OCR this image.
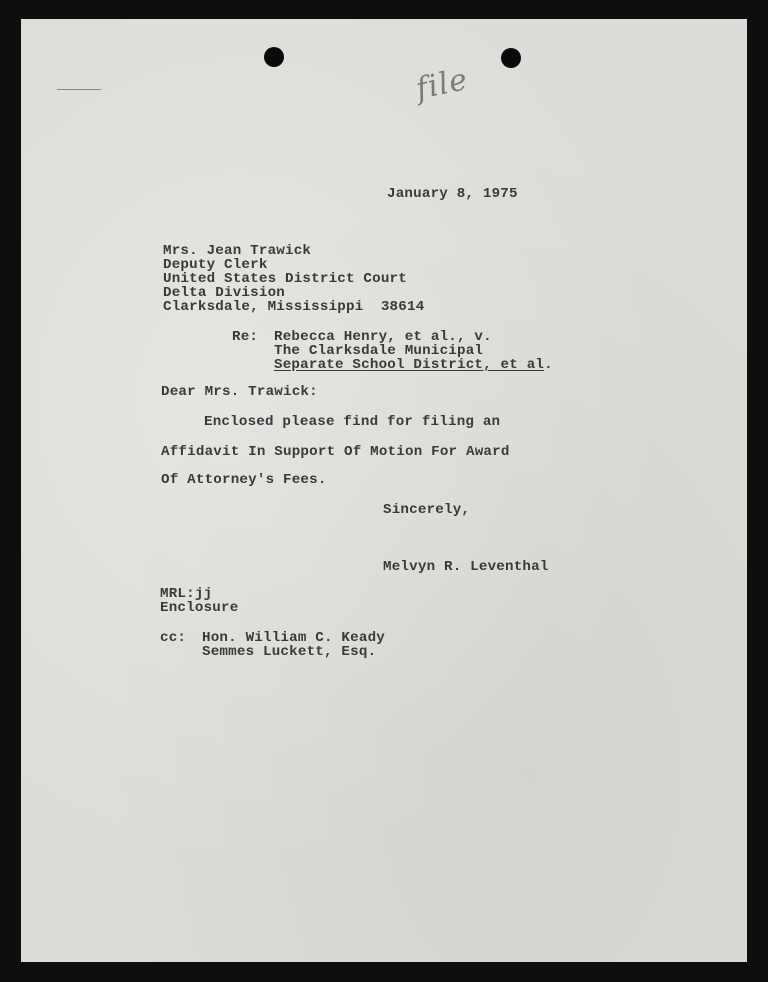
file
January 8, 1975
Mrs. Jean Trawick
Deputy Clerk
United States District Court
Delta Division
Clarksdale, Mississippi  38614
Re: Rebecca Henry, et al., v.
The Clarksdale Municipal
Separate School District, et al.
Dear Mrs. Trawick:
Enclosed please find for filing an
Affidavit In Support Of Motion For Award
Of Attorney's Fees.
Sincerely,
Melvyn R. Leventhal
MRL:jj
Enclosure
cc: Hon. William C. Keady
Semmes Luckett, Esq.
